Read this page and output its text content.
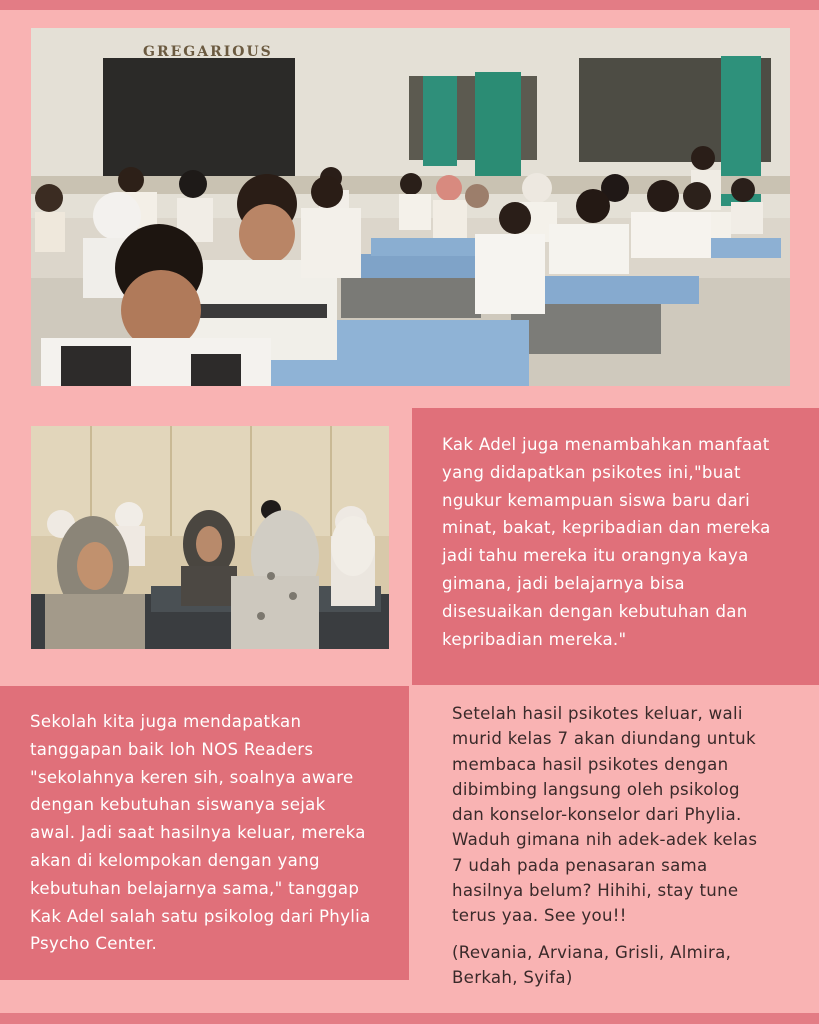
GREGARIOUS
Kak Adel juga menambahkan manfaat
yang didapatkan psikotes ini,"buat
ngukur kemampuan siswa baru dari
minat, bakat, kepribadian dan mereka
jadi tahu mereka itu orangnya kaya
gimana, jadi belajarnya bisa
disesuaikan dengan kebutuhan dan
kepribadian mereka."
Sekolah kita juga mendapatkan
tanggapan baik loh NOS Readers
"sekolahnya keren sih, soalnya aware
dengan kebutuhan siswanya sejak
awal. Jadi saat hasilnya keluar, mereka
akan di kelompokan dengan yang
kebutuhan belajarnya sama," tanggap
Kak Adel salah satu psikolog dari Phylia
Psycho Center.
Setelah hasil psikotes keluar, wali
murid kelas 7 akan diundang untuk
membaca hasil psikotes dengan
dibimbing langsung oleh psikolog
dan konselor-konselor dari Phylia.
Waduh gimana nih adek-adek kelas
7 udah pada penasaran sama
hasilnya belum? Hihihi, stay tune
terus yaa. See you!!
(Revania, Arviana, Grisli, Almira,
Berkah, Syifa)
